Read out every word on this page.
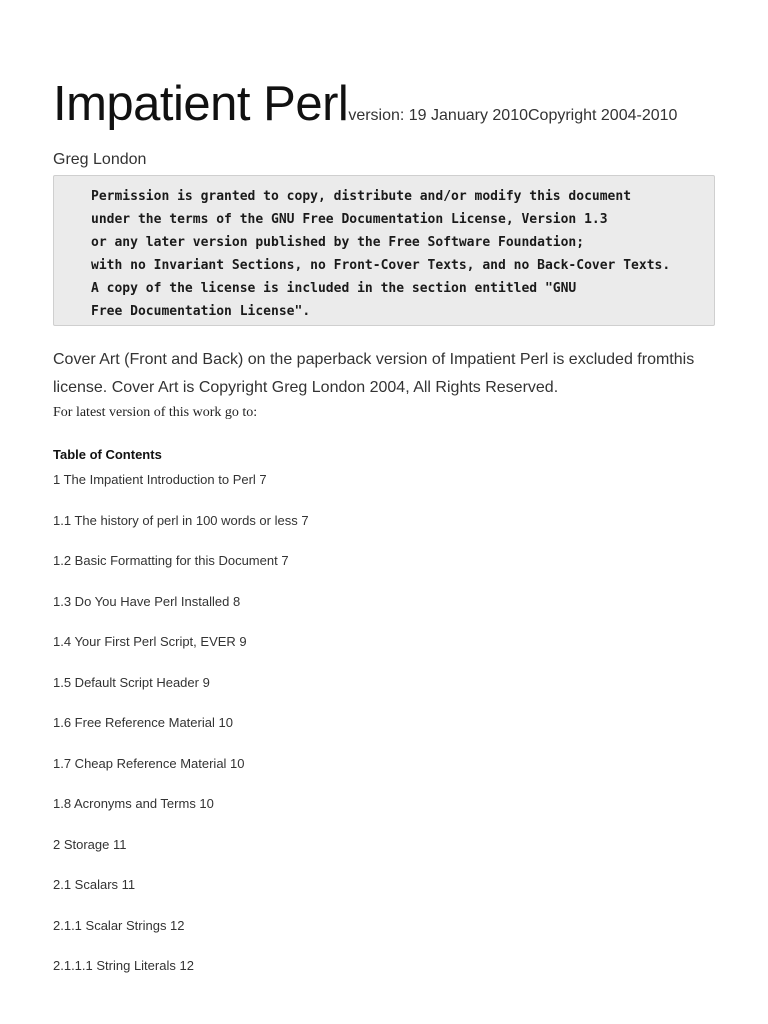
Impatient Perlversion: 19 January 2010Copyright 2004-2010
Greg London
Permission is granted to copy, distribute and/or modify this document
under the terms of the GNU Free Documentation License, Version 1.3
or any later version published by the Free Software Foundation;
with no Invariant Sections, no Front-Cover Texts, and no Back-Cover Texts.
A copy of the license is included in the section entitled "GNU
Free Documentation License".
Cover Art (Front and Back) on the paperback version of Impatient Perl is excluded fromthis license. Cover Art is Copyright Greg London 2004, All Rights Reserved.
For latest version of this work go to:
Table of Contents
1 The Impatient Introduction to Perl 7
1.1 The history of perl in 100 words or less 7
1.2 Basic Formatting for this Document 7
1.3 Do You Have Perl Installed 8
1.4 Your First Perl Script, EVER 9
1.5 Default Script Header 9
1.6 Free Reference Material 10
1.7 Cheap Reference Material 10
1.8 Acronyms and Terms 10
2 Storage 11
2.1 Scalars 11
2.1.1 Scalar Strings 12
2.1.1.1 String Literals 12
